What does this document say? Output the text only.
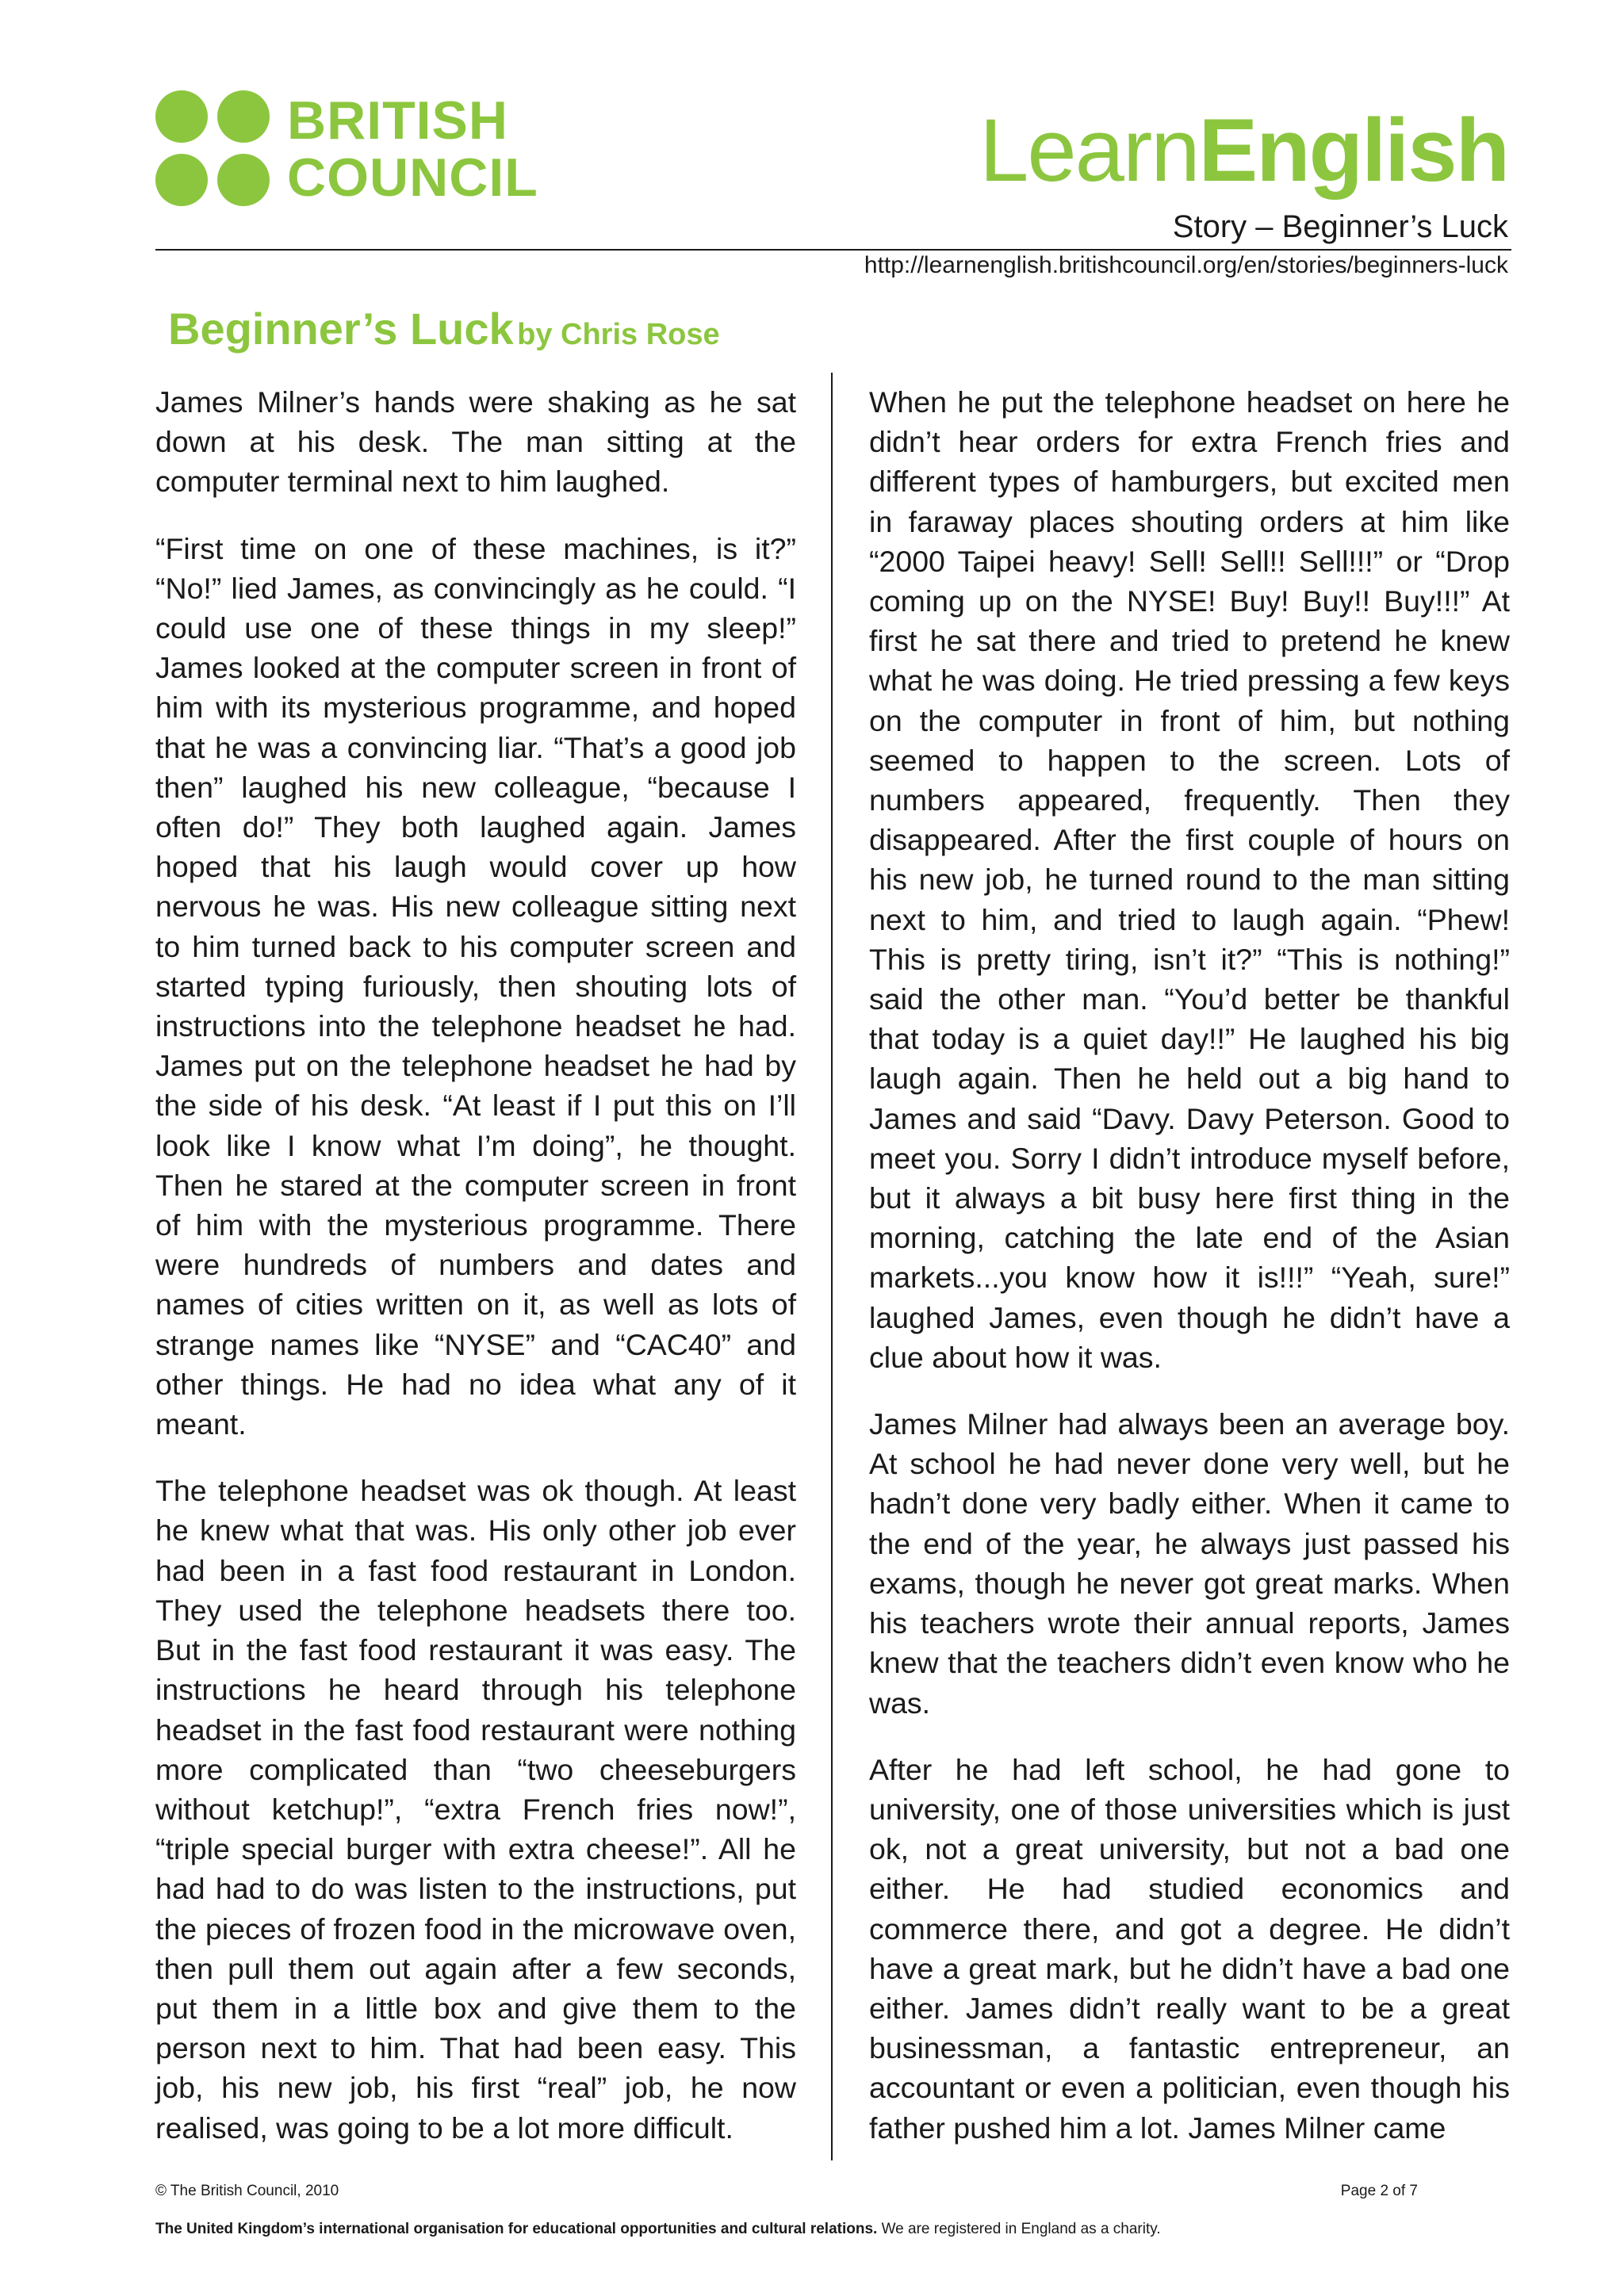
BRITISH
COUNCIL	LearnEnglish
Story – Beginner’s Luck
http://learnenglish.britishcouncil.org/en/stories/beginners-luck
Beginner’s Luck by Chris Rose

James Milner’s hands were shaking as he sat down at his desk. The man sitting at the computer terminal next to him laughed.

“First time on one of these machines, is it?” “No!” lied James, as convincingly as he could. “I could use one of these things in my sleep!” James looked at the computer screen in front of him with its mysterious programme, and hoped that he was a convincing liar. “That’s a good job then” laughed his new colleague, “because I often do!” They both laughed again. James hoped that his laugh would cover up how nervous he was. His new colleague sitting next to him turned back to his computer screen and started typing furiously, then shouting lots of instructions into the telephone headset he had. James put on the telephone headset he had by the side of his desk. “At least if I put this on I’ll look like I know what I’m doing”, he thought. Then he stared at the computer screen in front of him with the mysterious programme. There were hundreds of numbers and dates and names of cities written on it, as well as lots of strange names like “NYSE” and “CAC40” and other things. He had no idea what any of it meant.

The telephone headset was ok though. At least he knew what that was. His only other job ever had been in a fast food restaurant in London. They used the telephone headsets there too. But in the fast food restaurant it was easy. The instructions he heard through his telephone headset in the fast food restaurant were nothing more complicated than “two cheeseburgers without ketchup!”, “extra French fries now!”, “triple special burger with extra cheese!”. All he had had to do was listen to the instructions, put the pieces of frozen food in the microwave oven, then pull them out again after a few seconds, put them in a little box and give them to the person next to him. That had been easy. This job, his new job, his first “real” job, he now realised, was going to be a lot more difficult.

When he put the telephone headset on here he didn’t hear orders for extra French fries and different types of hamburgers, but excited men in faraway places shouting orders at him like “2000 Taipei heavy! Sell! Sell!! Sell!!!” or “Drop coming up on the NYSE! Buy! Buy!! Buy!!!” At first he sat there and tried to pretend he knew what he was doing. He tried pressing a few keys on the computer in front of him, but nothing seemed to happen to the screen. Lots of numbers appeared, frequently. Then they disappeared. After the first couple of hours on his new job, he turned round to the man sitting next to him, and tried to laugh again. “Phew! This is pretty tiring, isn’t it?” “This is nothing!” said the other man. “You’d better be thankful that today is a quiet day!!” He laughed his big laugh again. Then he held out a big hand to James and said “Davy. Davy Peterson. Good to meet you. Sorry I didn’t introduce myself before, but it always a bit busy here first thing in the morning, catching the late end of the Asian markets...you know how it is!!!” “Yeah, sure!” laughed James, even though he didn’t have a clue about how it was.

James Milner had always been an average boy. At school he had never done very well, but he hadn’t done very badly either. When it came to the end of the year, he always just passed his exams, though he never got great marks. When his teachers wrote their annual reports, James knew that the teachers didn’t even know who he was.

After he had left school, he had gone to university, one of those universities which is just ok, not a great university, but not a bad one either. He had studied economics and commerce there, and got a degree. He didn’t have a great mark, but he didn’t have a bad one either. James didn’t really want to be a great businessman, a fantastic entrepreneur, an accountant or even a politician, even though his father pushed him a lot. James Milner came

© The British Council, 2010	Page 2 of 7
The United Kingdom’s international organisation for educational opportunities and cultural relations. We are registered in England as a charity.
